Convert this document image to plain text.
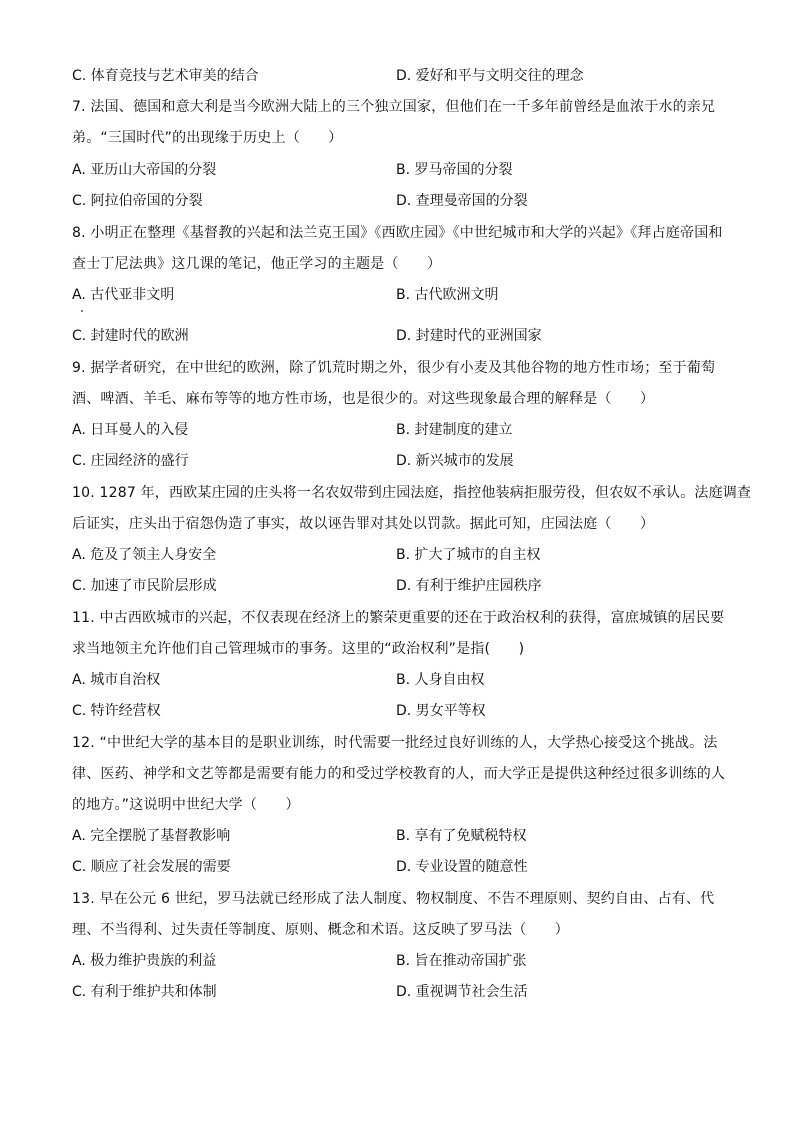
C. 体育竞技与艺术审美的结合	D. 爱好和平与文明交往的理念
7. 法国、德国和意大利是当今欧洲大陆上的三个独立国家，但他们在一千多年前曾经是血浓于水的亲兄
弟。“三国时代”的出现缘于历史上（　　）
A. 亚历山大帝国的分裂	B. 罗马帝国的分裂
C. 阿拉伯帝国的分裂	D. 查理曼帝国的分裂
8. 小明正在整理《基督教的兴起和法兰克王国》《西欧庄园》《中世纪城市和大学的兴起》《拜占庭帝国和
查士丁尼法典》这几课的笔记，他正学习的主题是（　　）
A. 古代亚非文明	B. 古代欧洲文明
C. 封建时代的欧洲	D. 封建时代的亚洲国家
9. 据学者研究，在中世纪的欧洲，除了饥荒时期之外，很少有小麦及其他谷物的地方性市场；至于葡萄
酒、啤酒、羊毛、麻布等等的地方性市场，也是很少的。对这些现象最合理的解释是（　　）
A. 日耳曼人的入侵	B. 封建制度的建立
C. 庄园经济的盛行	D. 新兴城市的发展
10. 1287 年，西欧某庄园的庄头将一名农奴带到庄园法庭，指控他装病拒服劳役，但农奴不承认。法庭调查
后证实，庄头出于宿怨伪造了事实，故以诬告罪对其处以罚款。据此可知，庄园法庭（　　）
A. 危及了领主人身安全	B. 扩大了城市的自主权
C. 加速了市民阶层形成	D. 有利于维护庄园秩序
11. 中古西欧城市的兴起，不仅表现在经济上的繁荣更重要的还在于政治权利的获得，富庶城镇的居民要
求当地领主允许他们自己管理城市的事务。这里的“政治权利”是指(　　)
A. 城市自治权	B. 人身自由权
C. 特许经营权	D. 男女平等权
12. “中世纪大学的基本目的是职业训练，时代需要一批经过良好训练的人，大学热心接受这个挑战。法
律、医药、神学和文艺等都是需要有能力的和受过学校教育的人，而大学正是提供这种经过很多训练的人
的地方。”这说明中世纪大学（　　）
A. 完全摆脱了基督教影响	B. 享有了免赋税特权
C. 顺应了社会发展的需要	D. 专业设置的随意性
13. 早在公元 6 世纪，罗马法就已经形成了法人制度、物权制度、不告不理原则、契约自由、占有、代
理、不当得利、过失责任等制度、原则、概念和术语。这反映了罗马法（　　）
A. 极力维护贵族的利益	B. 旨在推动帝国扩张
C. 有利于维护共和体制	D. 重视调节社会生活
